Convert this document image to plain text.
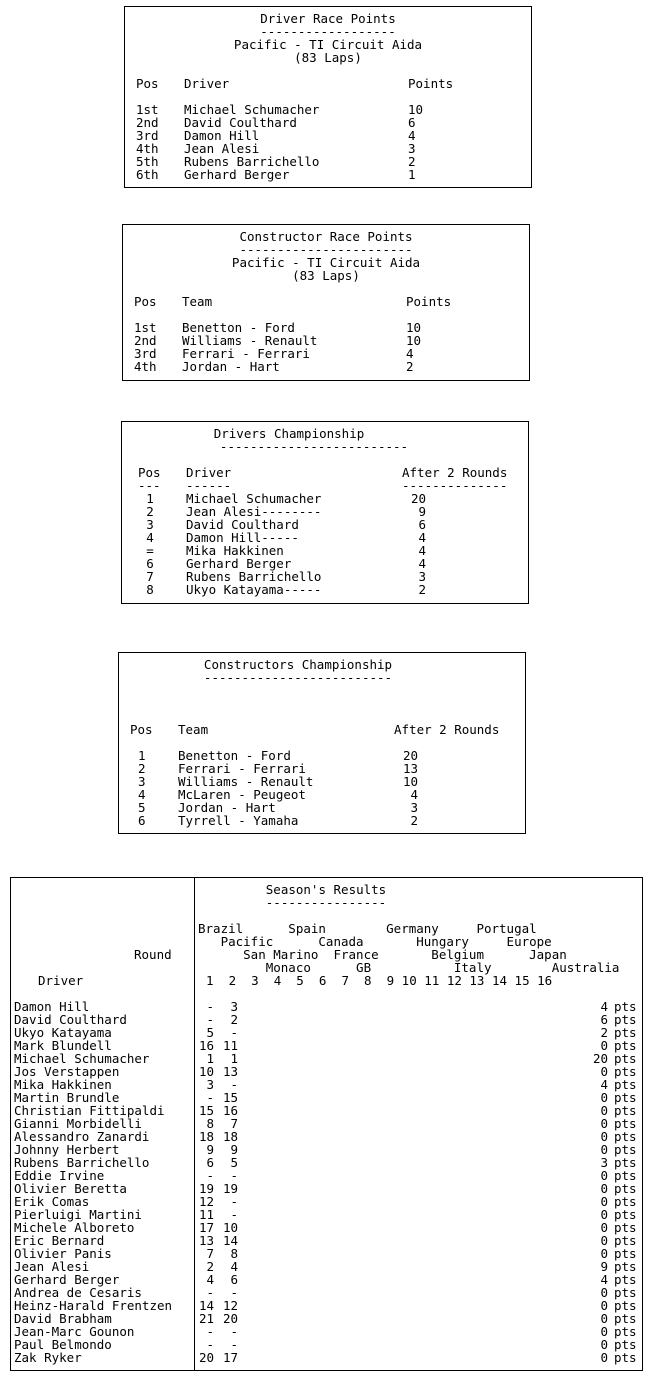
Driver Race Points
------------------
Pacific - TI Circuit Aida
(83 Laps)
Pos Driver	Points
1st Michael Schumacher	10
2nd David Coulthard	6
3rd Damon Hill	4
4th Jean Alesi	3
5th Rubens Barrichello	2
6th Gerhard Berger	1
Constructor Race Points
-----------------------
Pacific - TI Circuit Aida
(83 Laps)
Pos Team	Points
1st Benetton - Ford	10
2nd Williams - Renault	10
3rd Ferrari - Ferrari	4
4th Jordan - Hart	2
Drivers Championship
-------------------------
Pos Driver	After 2 Rounds
--- ------	--------------
1	Michael Schumacher	20
2	Jean Alesi--------	9
3	David Coulthard	6
4	Damon Hill-----	4
=	Mika Hakkinen	4
6	Gerhard Berger	4
7	Rubens Barrichello	3
8	Ukyo Katayama-----	2
Constructors Championship
-------------------------
Pos Team	After 2 Rounds
1	Benetton - Ford	20
2	Ferrari - Ferrari	13
3	Williams - Renault	10
4	McLaren - Peugeot	4
5	Jordan - Hart	3
6	Tyrrell - Yamaha	2
Season's Results
----------------
Brazil      Spain        Germany     Portugal
Pacific      Canada       Hungary     Europe
San Marino  France       Belgium      Japan
Monaco      GB           Italy        Australia
Round
Driver	1  2  3  4  5  6  7  8  9 10 11 12 13 14 15 16
Damon Hill	-	3	4 pts
David Coulthard	-	2	6 pts
Ukyo Katayama	5	-	2 pts
Mark Blundell	16 11	0 pts
Michael Schumacher	1	1	20 pts
Jos Verstappen	10 13	0 pts
Mika Hakkinen	3	-	4 pts
Martin Brundle	- 15	0 pts
Christian Fittipaldi	15 16	0 pts
Gianni Morbidelli	8	7	0 pts
Alessandro Zanardi	18 18	0 pts
Johnny Herbert	9	9	0 pts
Rubens Barrichello	6	5	3 pts
Eddie Irvine	-	-	0 pts
Olivier Beretta	19 19	0 pts
Erik Comas	12	-	0 pts
Pierluigi Martini	11	-	0 pts
Michele Alboreto	17 10	0 pts
Eric Bernard	13 14	0 pts
Olivier Panis	7	8	0 pts
Jean Alesi	2	4	9 pts
Gerhard Berger	4	6	4 pts
Andrea de Cesaris	-	-	0 pts
Heinz-Harald Frentzen 14 12	0 pts
David Brabham	21 20	0 pts
Jean-Marc Gounon	-	-	0 pts
Paul Belmondo	-	-	0 pts
Zak Ryker	20 17	0 pts
